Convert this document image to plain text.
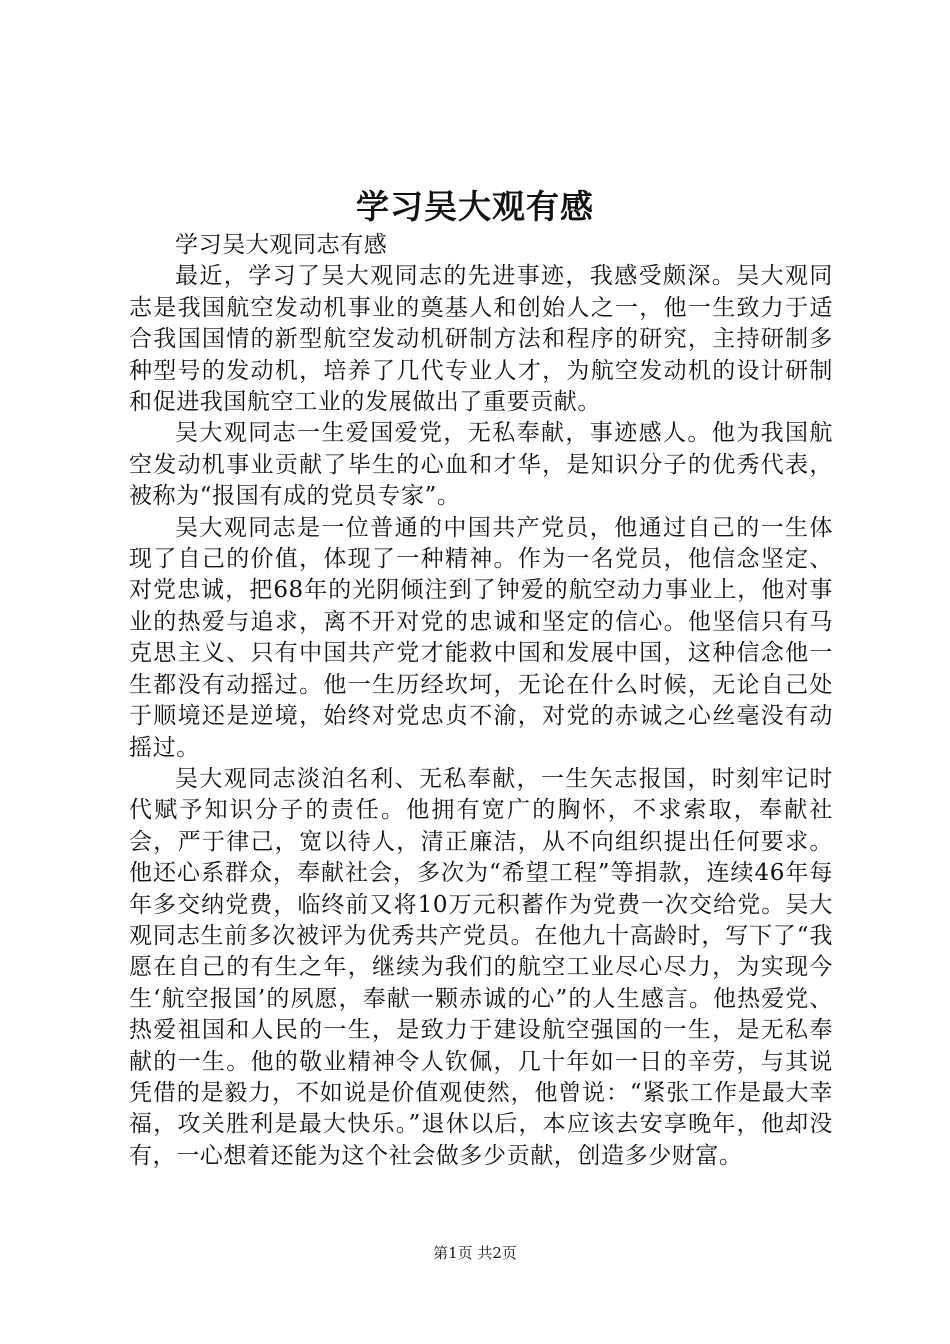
学习吴大观有感

学习吴大观同志有感

最近，学习了吴大观同志的先进事迹，我感受颇深。吴大观同志是我国航空发动机事业的奠基人和创始人之一，他一生致力于适合我国国情的新型航空发动机研制方法和程序的研究，主持研制多种型号的发动机，培养了几代专业人才，为航空发动机的设计研制和促进我国航空工业的发展做出了重要贡献。

吴大观同志一生爱国爱党，无私奉献，事迹感人。他为我国航空发动机事业贡献了毕生的心血和才华，是知识分子的优秀代表，被称为“报国有成的党员专家”。

吴大观同志是一位普通的中国共产党员，他通过自己的一生体现了自己的价值，体现了一种精神。作为一名党员，他信念坚定、对党忠诚，把68年的光阴倾注到了钟爱的航空动力事业上，他对事业的热爱与追求，离不开对党的忠诚和坚定的信心。他坚信只有马克思主义、只有中国共产党才能救中国和发展中国，这种信念他一生都没有动摇过。他一生历经坎坷，无论在什么时候，无论自己处于顺境还是逆境，始终对党忠贞不渝，对党的赤诚之心丝毫没有动摇过。

吴大观同志淡泊名利、无私奉献，一生矢志报国，时刻牢记时代赋予知识分子的责任。他拥有宽广的胸怀，不求索取，奉献社会，严于律己，宽以待人，清正廉洁，从不向组织提出任何要求。他还心系群众，奉献社会，多次为“希望工程”等捐款，连续46年每年多交纳党费，临终前又将10万元积蓄作为党费一次交给党。吴大观同志生前多次被评为优秀共产党员。在他九十高龄时，写下了“我愿在自己的有生之年，继续为我们的航空工业尽心尽力，为实现今生‘航空报国’的夙愿，奉献一颗赤诚的心”的人生感言。他热爱党、热爱祖国和人民的一生，是致力于建设航空强国的一生，是无私奉献的一生。他的敬业精神令人钦佩，几十年如一日的辛劳，与其说凭借的是毅力，不如说是价值观使然，他曾说：“紧张工作是最大幸福，攻关胜利是最大快乐。”退休以后，本应该去安享晚年，他却没有，一心想着还能为这个社会做多少贡献，创造多少财富。

第1页 共2页
